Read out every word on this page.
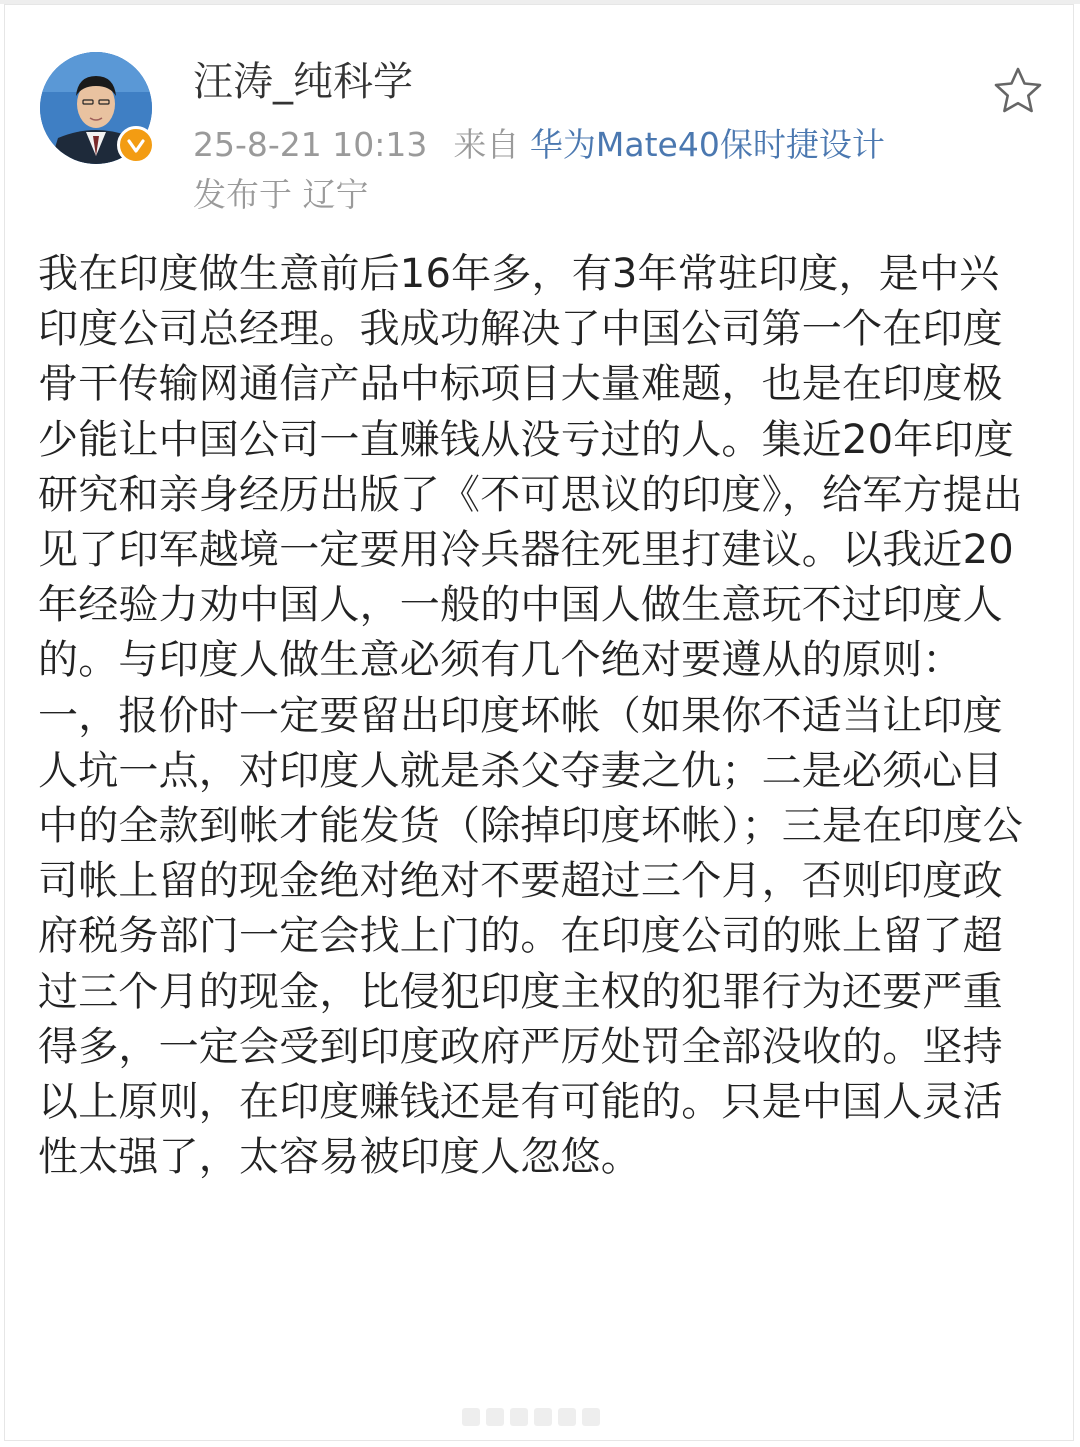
汪涛_纯科学
25-8-21 10:13 来自 华为Mate40保时捷设计
发布于 辽宁
我在印度做生意前后16年多，有3年常驻印度，是中兴印度公司总经理。我成功解决了中国公司第一个在印度骨干传输网通信产品中标项目大量难题，也是在印度极少能让中国公司一直赚钱从没亏过的人。集近20年印度研究和亲身经历出版了《不可思议的印度》，给军方提出见了印军越境一定要用冷兵器往死里打建议。以我近20年经验力劝中国人，一般的中国人做生意玩不过印度人的。与印度人做生意必须有几个绝对要遵从的原则：一，报价时一定要留出印度坏帐（如果你不适当让印度人坑一点，对印度人就是杀父夺妻之仇；二是必须心目中的全款到帐才能发货（除掉印度坏帐）；三是在印度公司帐上留的现金绝对绝对不要超过三个月，否则印度政府税务部门一定会找上门的。在印度公司的账上留了超过三个月的现金，比侵犯印度主权的犯罪行为还要严重得多，一定会受到印度政府严厉处罚全部没收的。坚持以上原则，在印度赚钱还是有可能的。只是中国人灵活性太强了，太容易被印度人忽悠。
